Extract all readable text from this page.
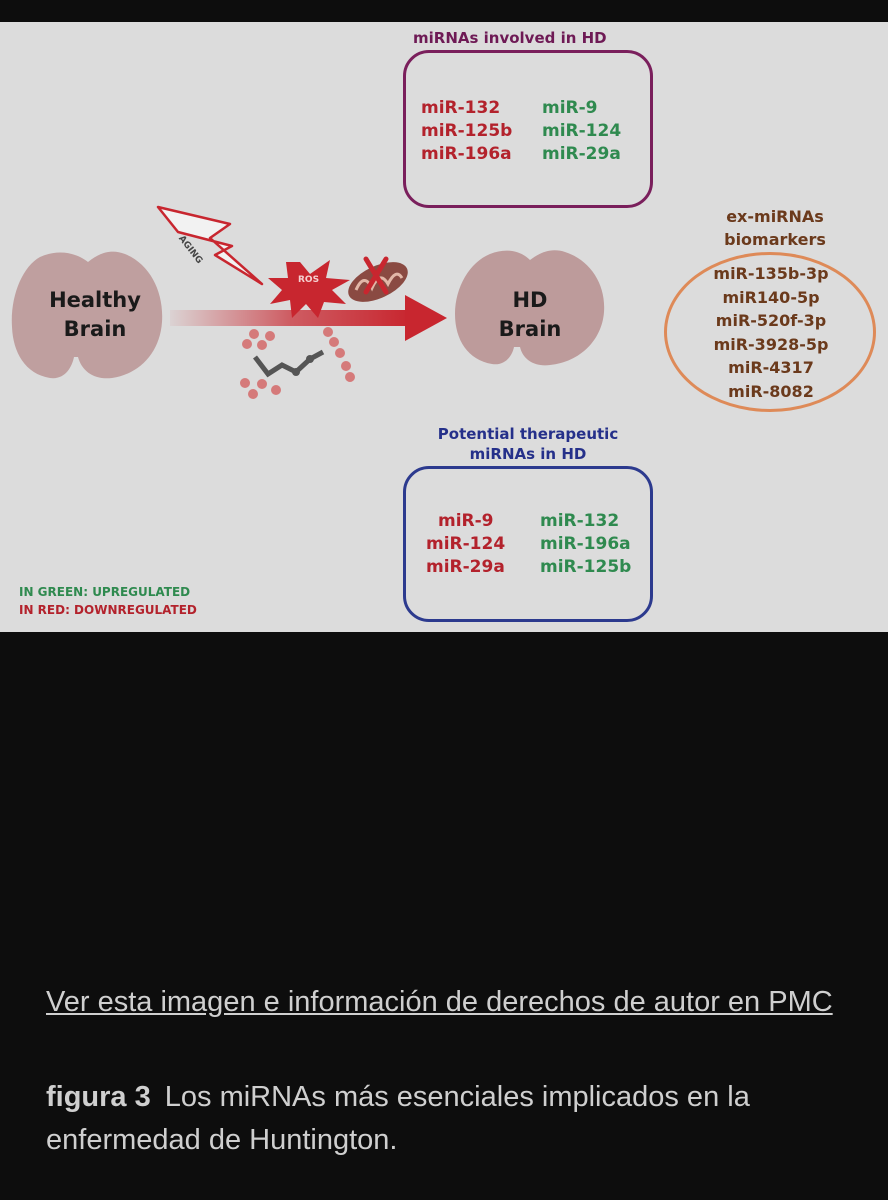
miRNAs involved in HD
miR-132
miR-125b
miR-196a
miR-9
miR-124
miR-29a
ex-miRNAs
biomarkers
miR-135b-3p
miR140-5p
miR-520f-3p
miR-3928-5p
miR-4317
miR-8082
AGING
ROS
Healthy
Brain
HD
Brain
Potential therapeutic
miRNAs in HD
miR-9
miR-124
miR-29a
miR-132
miR-196a
miR-125b
IN GREEN: UPREGULATED
IN RED: DOWNREGULATED
Ver esta imagen e información de derechos de autor en PMC
figura 3 Los miRNAs más esenciales implicados en la enfermedad de Huntington.
